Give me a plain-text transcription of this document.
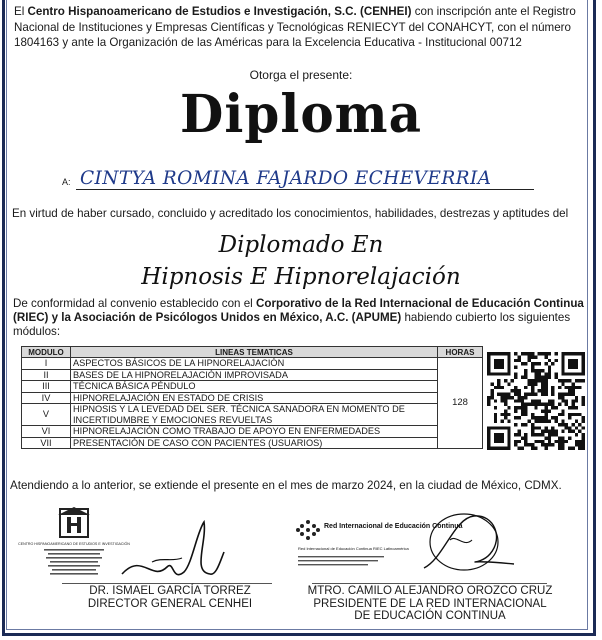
El Centro Hispanoamericano de Estudios e Investigación, S.C. (CENHEI) con inscripción ante el Registro Nacional de Instituciones y Empresas Científicas y Tecnológicas RENIECYT del CONAHCYT, con el número 1804163 y ante la Organización de las Américas para la Excelencia Educativa - Institucional 00712
Otorga el presente:
Diploma
A: CINTYA ROMINA FAJARDO ECHEVERRIA
En virtud de haber cursado, concluido y acreditado los conocimientos, habilidades, destrezas y aptitudes del
Diplomado En
Hipnosis E Hipnorelajación
De conformidad al convenio establecido con el Corporativo de la Red Internacional de Educación Continua (RIEC) y la Asociación de Psicólogos Unidos en México, A.C. (APUME) habiendo cubierto los siguientes módulos:
MODULO	LINEAS TEMATICAS	HORAS
I	ASPECTOS BÁSICOS DE LA HIPNORELAJACIÓN	128
II	BASES DE LA HIPNORELAJACIÓN IMPROVISADA	
III	TÉCNICA BÁSICA PÉNDULO	
IV	HIPNORELAJACIÓN EN ESTADO DE CRISIS	
V	HIPNOSIS Y LA LEVEDAD DEL SER. TÉCNICA SANADORA EN MOMENTO DE INCERTIDUMBRE Y EMOCIONES REVUELTAS	
VI	HIPNORELAJACIÓN COMO TRABAJO DE APOYO EN ENFERMEDADES	
VII	PRESENTACIÓN DE CASO CON PACIENTES (USUARIOS)	
Atendiendo a lo anterior, se extiende el presente en el mes de marzo 2024, en la ciudad de México, CDMX.
CENTRO HISPANOAMERICANO DE ESTUDIOS E INVESTIGACIÓN
Red Internacional de Educación Continua
Red Internacional de Educación Continua RIEC Latinoamérica
DR. ISMAEL GARCÍA TORREZ
DIRECTOR GENERAL CENHEI
MTRO. CAMILO ALEJANDRO OROZCO CRUZ
PRESIDENTE DE LA RED INTERNACIONAL
DE EDUCACIÓN CONTINUA
